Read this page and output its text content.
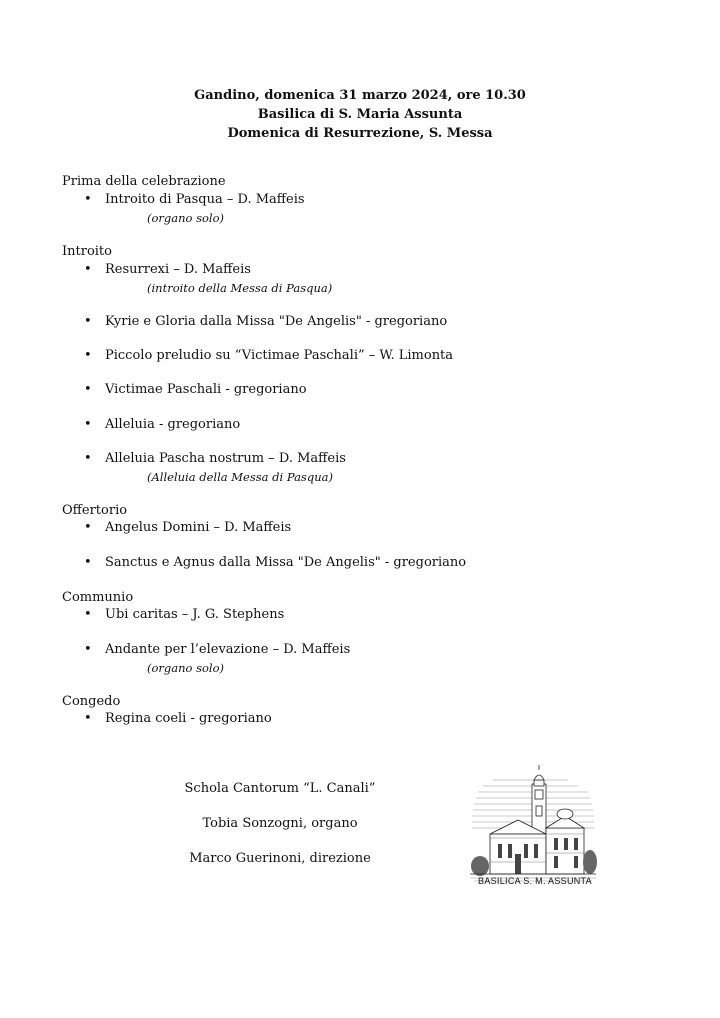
Gandino, domenica 31 marzo 2024, ore 10.30
Basilica di S. Maria Assunta
Domenica di Resurrezione, S. Messa
Prima della celebrazione
• Introito di Pasqua – D. Maffeis
(organo solo)
Introito
• Resurrexi – D. Maffeis
(introito della Messa di Pasqua)
• Kyrie e Gloria dalla Missa "De Angelis" - gregoriano
• Piccolo preludio su “Victimae Paschali” – W. Limonta
• Victimae Paschali - gregoriano
• Alleluia - gregoriano
• Alleluia Pascha nostrum – D. Maffeis
(Alleluia della Messa di Pasqua)
Offertorio
• Angelus Domini – D. Maffeis
• Sanctus e Agnus dalla Missa "De Angelis" - gregoriano
Communio
• Ubi caritas – J. G. Stephens
• Andante per l’elevazione – D. Maffeis
(organo solo)
Congedo
• Regina coeli - gregoriano
Schola Cantorum “L. Canali”
Tobia Sonzogni, organo
Marco Guerinoni, direzione
BASILICA S. M. ASSUNTA
